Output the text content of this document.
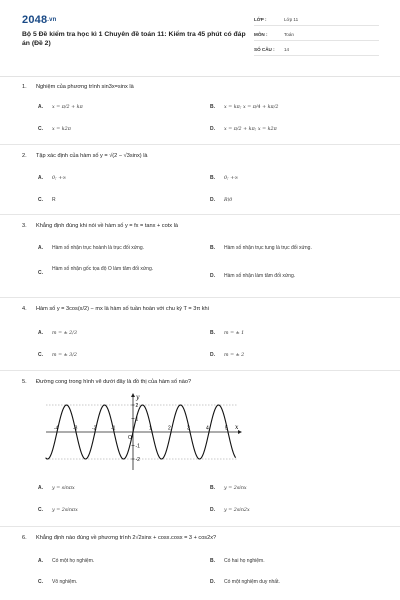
2048.vn
Bộ 5 Đề kiểm tra học kì 1 Chuyên đề toán 11: Kiểm tra 45 phút có đáp án (Đề 2)
LỚP :	Lớp 11
MÔN :	Toán
SỐ CÂU : 14
1. Nghiệm của phương trình sin3x=sinx là
A. x = π/2 + kπ	B. x = kπ; x = π/4 + kπ/2
C. x = k2π	D. x = π/2 + kπ; x = k2π
2. Tập xác định của hàm số y = √(2 − √3sinx) là
A. 0; +∞	B. 0; +∞
C. R	D. R\0
3. Khẳng định đúng khi nói về hàm số y = fx = tanx + cotx là
A. Hàm số nhận trục hoành là trục đối xứng.	B. Hàm số nhận trục tung là trục đối xứng.
C.
Hàm số nhận gốc tọa độ O làm tâm đối xứng.
D. Hàm số nhận làm tâm đối xứng.
4. Hàm số y = 3cos(x/2) − mx là hàm số tuần hoàn với chu kỳ T = 3π khi
A. m = ± 2/3	B. m = ± 1
C. m = ± 3/2	D. m = ± 2
5. Đường cong trong hình vẽ dưới đây là đồ thị của hàm số nào?
y
x
O
-4	-3	-2	-1	1	2	3	4	5
2
1
-1
-2
A. y = sinπx	B. y = 2sinx
C. y = 2sinπx	D. y = 2sin2x
6. Khẳng định nào đúng về phương trình 2√2sinx + cosx.cosx = 3 + cos2x?
A. Có một họ nghiệm.	B. Có hai họ nghiệm.
C. Vô nghiệm.	D. Có một nghiệm duy nhất.
